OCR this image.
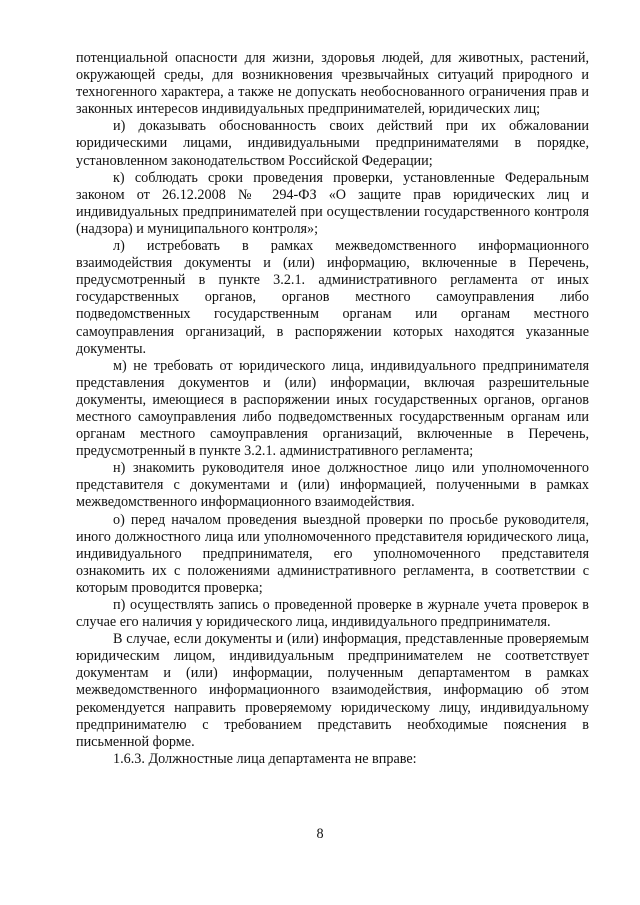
потенциальной опасности для жизни, здоровья людей, для животных, растений, окружающей среды, для возникновения чрезвычайных ситуаций природного и техногенного характера, а также не допускать необоснованного ограничения прав и законных интересов индивидуальных предпринимателей, юридических лиц;

и) доказывать обоснованность своих действий при их обжаловании юридическими лицами, индивидуальными предпринимателями в порядке, установленном законодательством Российской Федерации;

к) соблюдать сроки проведения проверки, установленные Федеральным законом от 26.12.2008 № 294-ФЗ «О защите прав юридических лиц и индивидуальных предпринимателей при осуществлении государственного контроля (надзора) и муниципального контроля»;

л) истребовать в рамках межведомственного информационного взаимодействия документы и (или) информацию, включенные в Перечень, предусмотренный в пункте 3.2.1. административного регламента от иных государственных органов, органов местного самоуправления либо подведомственных государственным органам или органам местного самоуправления организаций, в распоряжении которых находятся указанные документы.

м) не требовать от юридического лица, индивидуального предпринимателя представления документов и (или) информации, включая разрешительные документы, имеющиеся в распоряжении иных государственных органов, органов местного самоуправления либо подведомственных государственным органам или органам местного самоуправления организаций, включенные в Перечень, предусмотренный в пункте 3.2.1. административного регламента;

н) знакомить руководителя иное должностное лицо или уполномоченного представителя с документами и (или) информацией, полученными в рамках межведомственного информационного взаимодействия.

о) перед началом проведения выездной проверки по просьбе руководителя, иного должностного лица или уполномоченного представителя юридического лица, индивидуального предпринимателя, его уполномоченного представителя ознакомить их с положениями административного регламента, в соответствии с которым проводится проверка;

п) осуществлять запись о проведенной проверке в журнале учета проверок в случае его наличия у юридического лица, индивидуального предпринимателя.

В случае, если документы и (или) информация, представленные проверяемым юридическим лицом, индивидуальным предпринимателем не соответствует документам и (или) информации, полученным департаментом в рамках межведомственного информационного взаимодействия, информацию об этом рекомендуется направить проверяемому юридическому лицу, индивидуальному предпринимателю с требованием представить необходимые пояснения в письменной форме.

1.6.3. Должностные лица департамента не вправе:

8
